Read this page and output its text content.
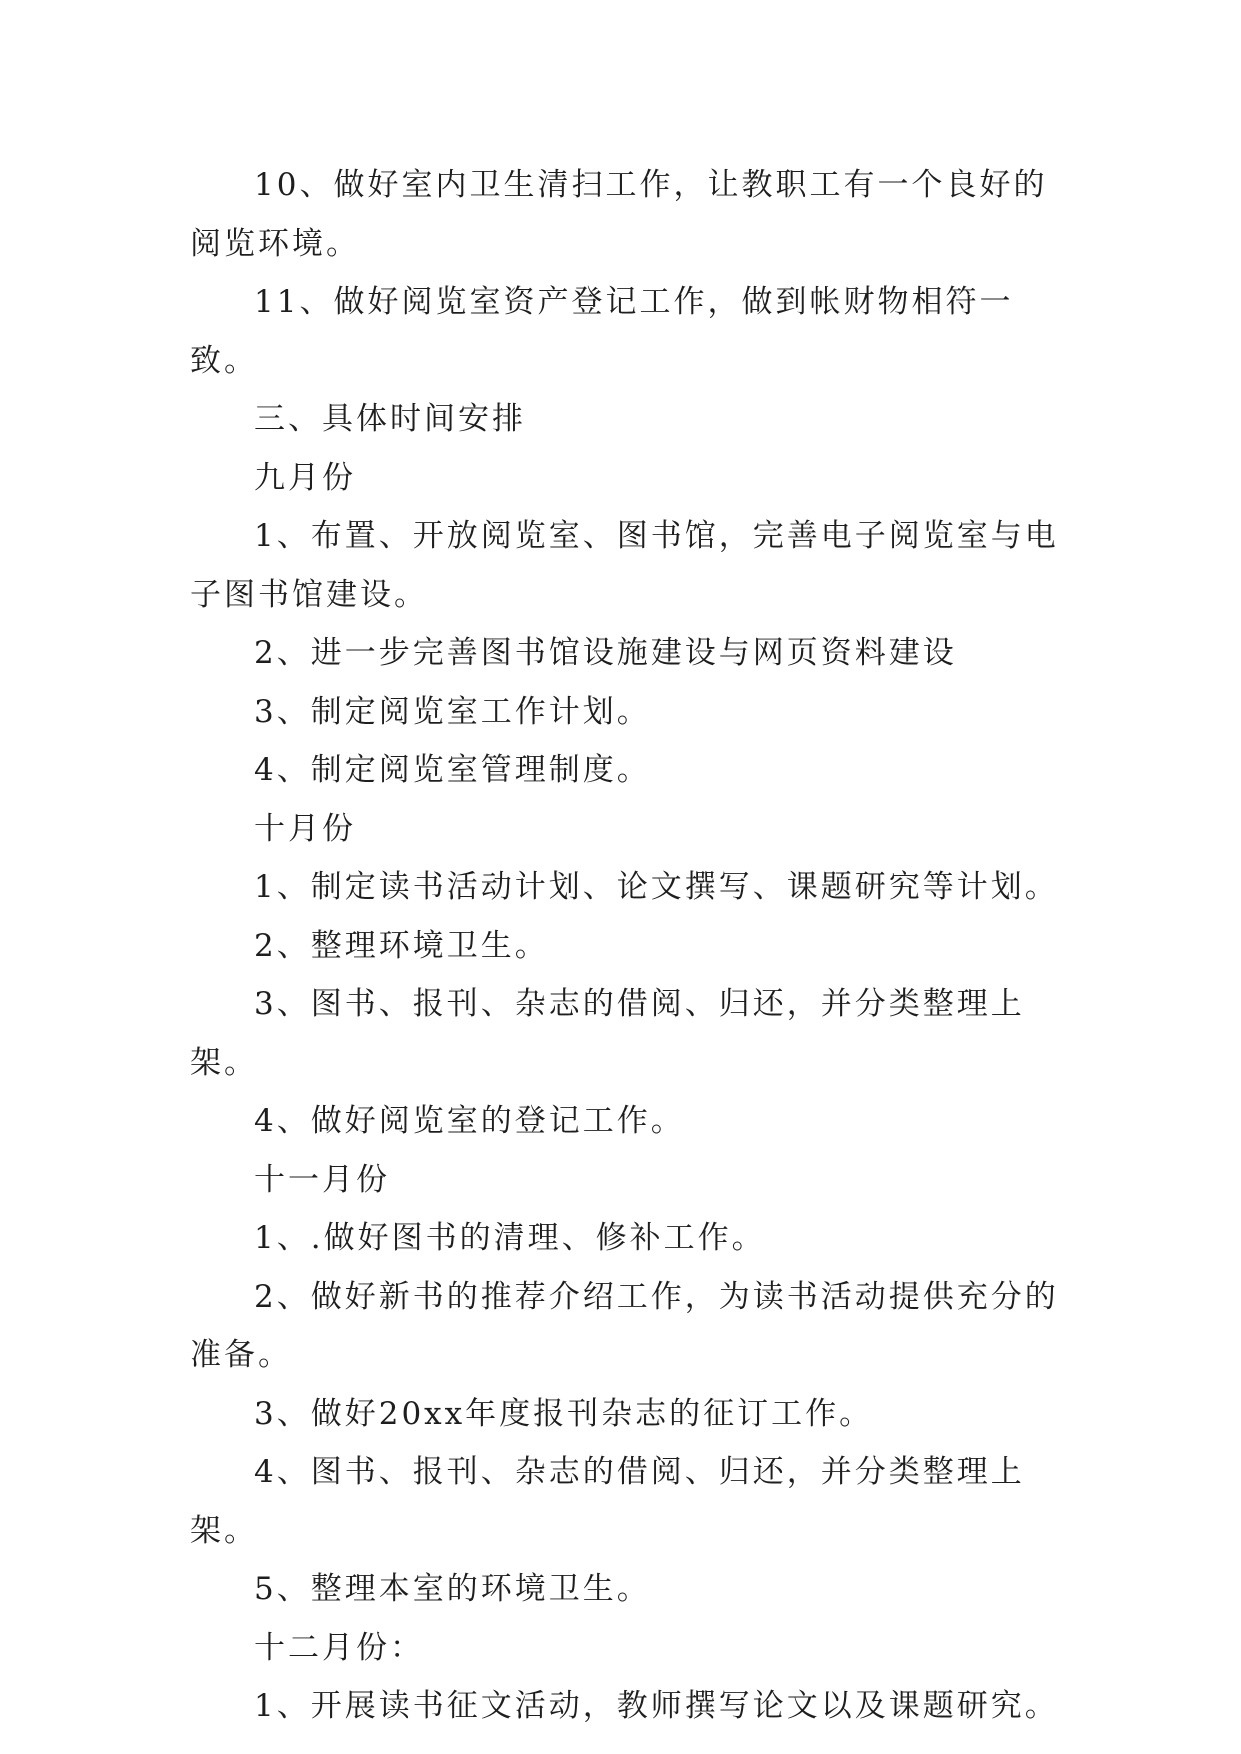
10、做好室内卫生清扫工作，让教职工有一个良好的阅览环境。

11、做好阅览室资产登记工作，做到帐财物相符一致。

三、具体时间安排

九月份

1、布置、开放阅览室、图书馆，完善电子阅览室与电子图书馆建设。

2、进一步完善图书馆设施建设与网页资料建设

3、制定阅览室工作计划。

4、制定阅览室管理制度。

十月份

1、制定读书活动计划、论文撰写、课题研究等计划。

2、整理环境卫生。

3、图书、报刊、杂志的借阅、归还，并分类整理上架。

4、做好阅览室的登记工作。

十一月份

1、.做好图书的清理、修补工作。

2、做好新书的推荐介绍工作，为读书活动提供充分的准备。

3、做好20xx年度报刊杂志的征订工作。

4、图书、报刊、杂志的借阅、归还，并分类整理上架。

5、整理本室的环境卫生。

十二月份：

1、开展读书征文活动，教师撰写论文以及课题研究。
